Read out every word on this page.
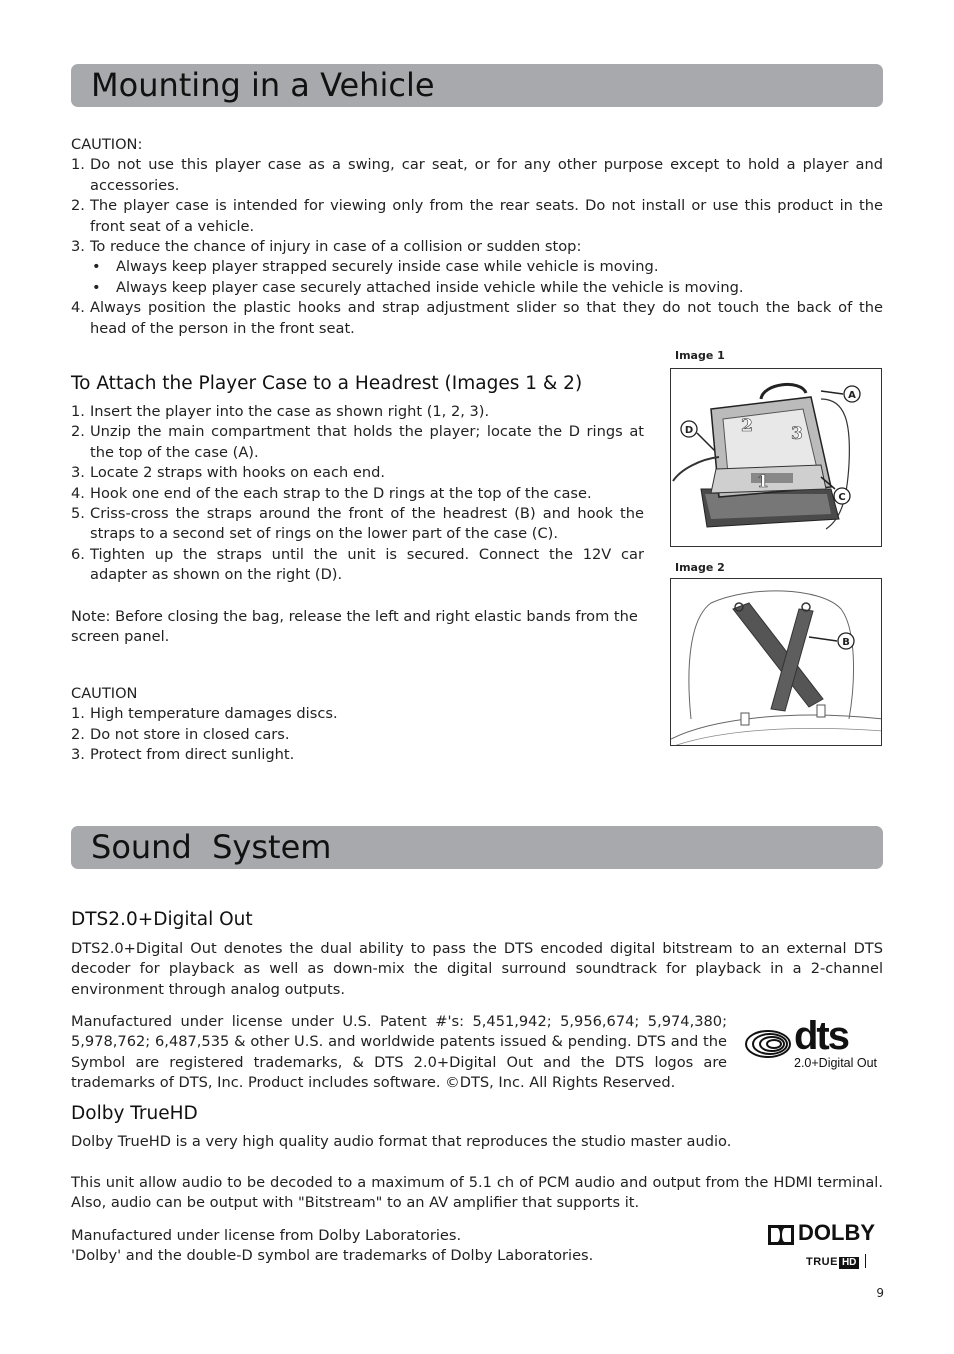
Mounting in a Vehicle
CAUTION:
1. Do not use this player case as a swing, car seat, or for any other purpose except to hold a player and accessories.
2. The player case is intended for viewing only from the rear seats. Do not install or use this product in the front seat of a vehicle.
3. To reduce the chance of injury in case of a collision or sudden stop:
• Always keep player strapped securely inside case while vehicle is moving.
• Always keep player case securely attached inside vehicle while the vehicle is moving.
4. Always position the plastic hooks and strap adjustment slider so that they do not touch the back of the head of the person in the front seat.
To Attach the Player Case to a Headrest (Images 1 & 2)
1. Insert the player into the case as shown right (1, 2, 3).
2. Unzip the main compartment that holds the player; locate the D rings at the top of the case (A).
3. Locate 2 straps with hooks on each end.
4. Hook one end of the each strap to the D rings at the top of the case.
5. Criss-cross the straps around the front of the headrest (B) and hook the straps to a second set of rings on the lower part of the case (C).
6. Tighten up the straps until the unit is secured. Connect the 12V car adapter as shown on the right (D).
Note: Before closing the bag, release the left and right elastic bands from the screen panel.
CAUTION
1. High temperature damages discs.
2. Do not store in closed cars.
3. Protect from direct sunlight.
Image 1
2 3
1
A
D
C
Image 2
B
Sound  System
DTS2.0+Digital Out
DTS2.0+Digital Out denotes the dual ability to pass the DTS encoded digital bitstream to an external DTS decoder for playback as well as down-mix the digital surround soundtrack for playback in a 2-channel environment through analog outputs.
Manufactured under license under U.S. Patent #'s: 5,451,942; 5,956,674; 5,974,380; 5,978,762; 6,487,535 & other U.S. and worldwide patents issued & pending. DTS and the Symbol are registered trademarks, & DTS 2.0+Digital Out and the DTS logos are trademarks of DTS, Inc. Product includes software. ©DTS, Inc. All Rights Reserved.
dts
2.0+Digital Out
Dolby TrueHD
Dolby TrueHD is a very high quality audio format that reproduces the studio master audio.
This unit allow audio to be decoded to a maximum of 5.1 ch of PCM audio and output from the HDMI terminal. Also, audio can be output with "Bitstream" to an AV amplifier that supports it.
Manufactured under license from Dolby Laboratories.
'Dolby' and the double-D symbol are trademarks of Dolby Laboratories.
DOLBY
TRUE HD
9
